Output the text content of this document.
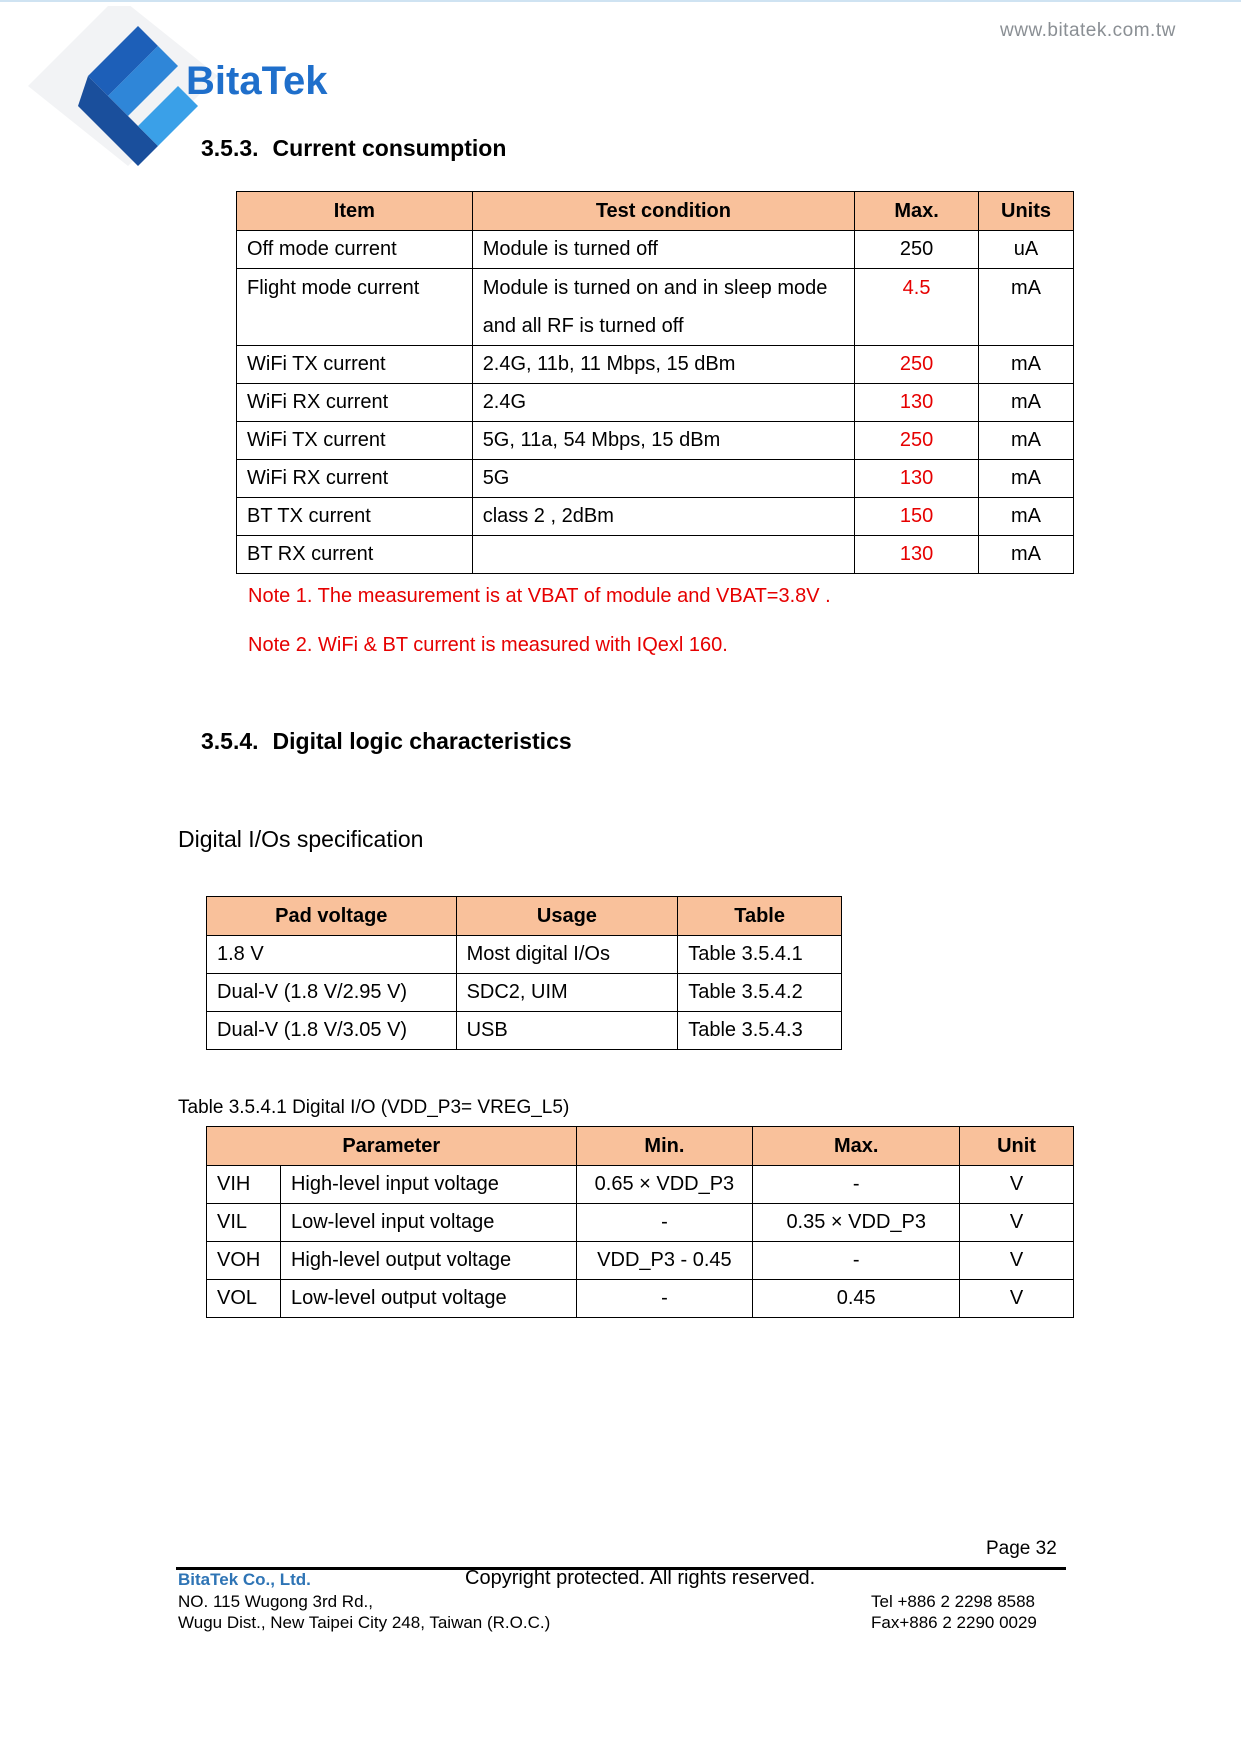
BitaTek
www.bitatek.com.tw
3.5.3. Current consumption
Item	Test condition	Max.	Units
Off mode current	Module is turned off	250	uA
Flight mode current	Module is turned on and in sleep mode
and all RF is turned off	4.5	mA
WiFi TX current	2.4G, 11b, 11 Mbps, 15 dBm	250	mA
WiFi RX current	2.4G	130	mA
WiFi TX current	5G, 11a, 54 Mbps, 15 dBm	250	mA
WiFi RX current	5G	130	mA
BT TX current	class 2 , 2dBm	150	mA
BT RX current		130	mA
Note 1. The measurement is at VBAT of module and VBAT=3.8V .
Note 2. WiFi & BT current is measured with IQexl 160.
3.5.4. Digital logic characteristics
Digital I/Os specification
Pad voltage	Usage	Table
1.8 V	Most digital I/Os	Table 3.5.4.1
Dual-V (1.8 V/2.95 V)	SDC2, UIM	Table 3.5.4.2
Dual-V (1.8 V/3.05 V)	USB	Table 3.5.4.3
Table 3.5.4.1 Digital I/O (VDD_P3= VREG_L5)
Parameter		Min.	Max.	Unit
VIH	High-level input voltage	0.65 × VDD_P3	-	V
VIL	Low-level input voltage	-	0.35 × VDD_P3	V
VOH	High-level output voltage	VDD_P3 - 0.45	-	V
VOL	Low-level output voltage	-	0.45	V
Page 32
BitaTek Co., Ltd.	Copyright protected. All rights reserved.
NO. 115 Wugong 3rd Rd.,
Wugu Dist., New Taipei City 248, Taiwan (R.O.C.)
Tel +886 2 2298 8588
Fax+886 2 2290 0029
